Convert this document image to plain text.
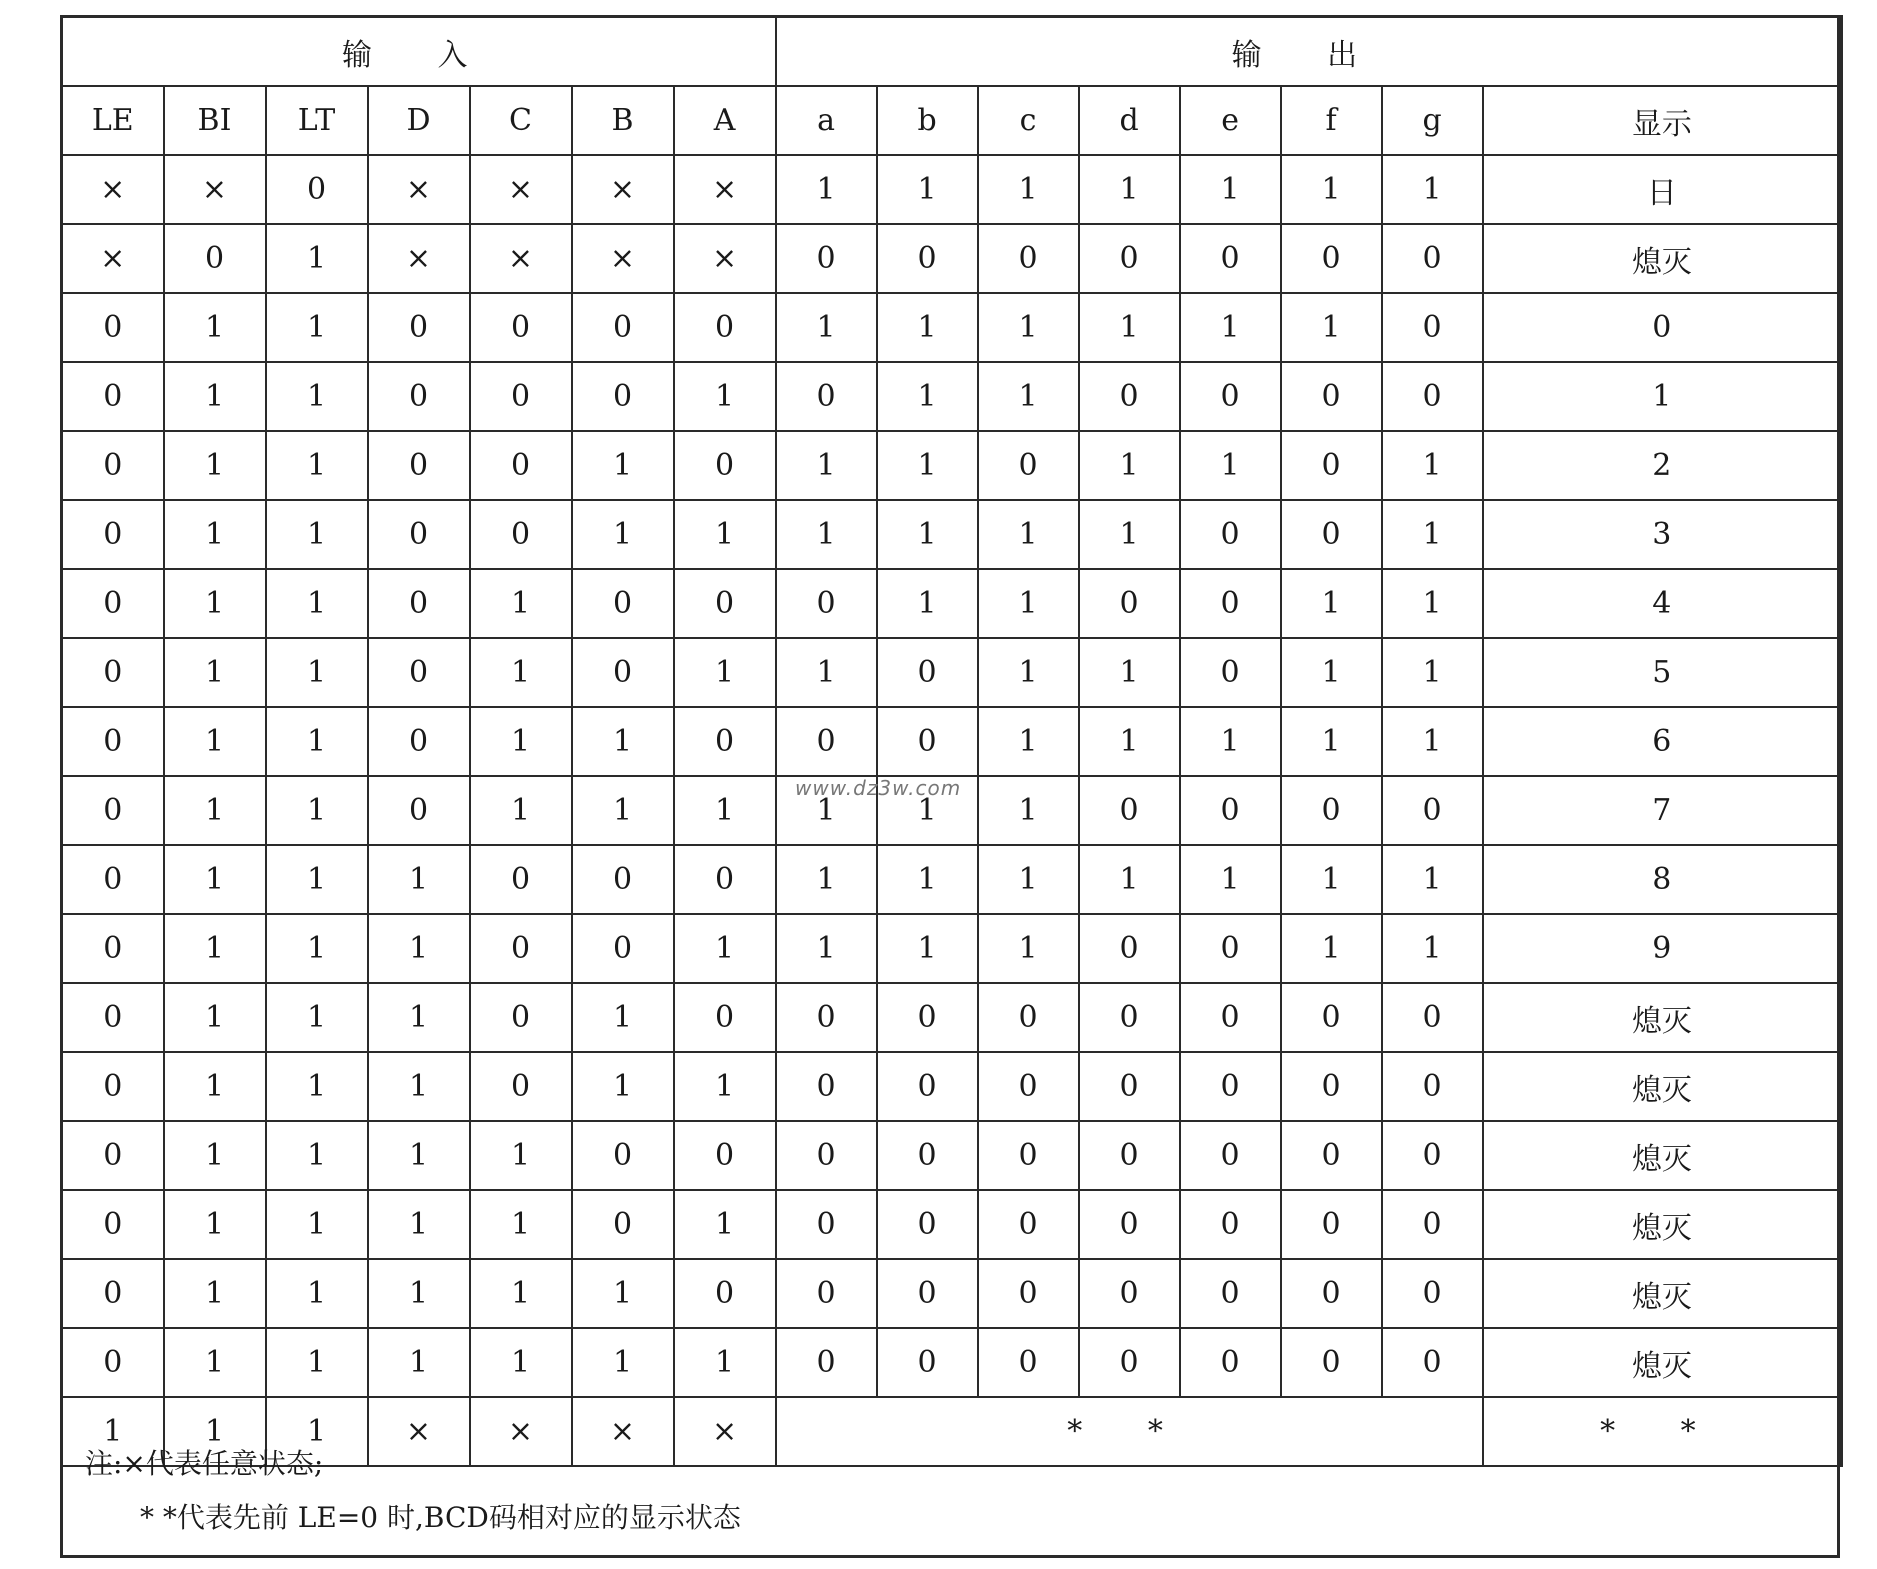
输 入							输 出							
LE	BI	LT	D	C	B	A	a	b	c	d	e	f	g	显示
×	×	0	×	×	×	×	1	1	1	1	1	1	1	日
×	0	1	×	×	×	×	0	0	0	0	0	0	0	熄灭
0	1	1	0	0	0	0	1	1	1	1	1	1	0	0
0	1	1	0	0	0	1	0	1	1	0	0	0	0	1
0	1	1	0	0	1	0	1	1	0	1	1	0	1	2
0	1	1	0	0	1	1	1	1	1	1	0	0	1	3
0	1	1	0	1	0	0	0	1	1	0	0	1	1	4
0	1	1	0	1	0	1	1	0	1	1	0	1	1	5
0	1	1	0	1	1	0	0	0	1	1	1	1	1	6
0	1	1	0	1	1	1	1	1	1	0	0	0	0	7
0	1	1	1	0	0	0	1	1	1	1	1	1	1	8
0	1	1	1	0	0	1	1	1	1	0	0	1	1	9
0	1	1	1	0	1	0	0	0	0	0	0	0	0	熄灭
0	1	1	1	0	1	1	0	0	0	0	0	0	0	熄灭
0	1	1	1	1	0	0	0	0	0	0	0	0	0	熄灭
0	1	1	1	1	0	1	0	0	0	0	0	0	0	熄灭
0	1	1	1	1	1	0	0	0	0	0	0	0	0	熄灭
0	1	1	1	1	1	1	0	0	0	0	0	0	0	熄灭
1	1	1	×	×	×	×	* *							* *
注:×代表任意状态;
* *代表先前 LE=0 时,BCD码相对应的显示状态
www.dz3w.com
